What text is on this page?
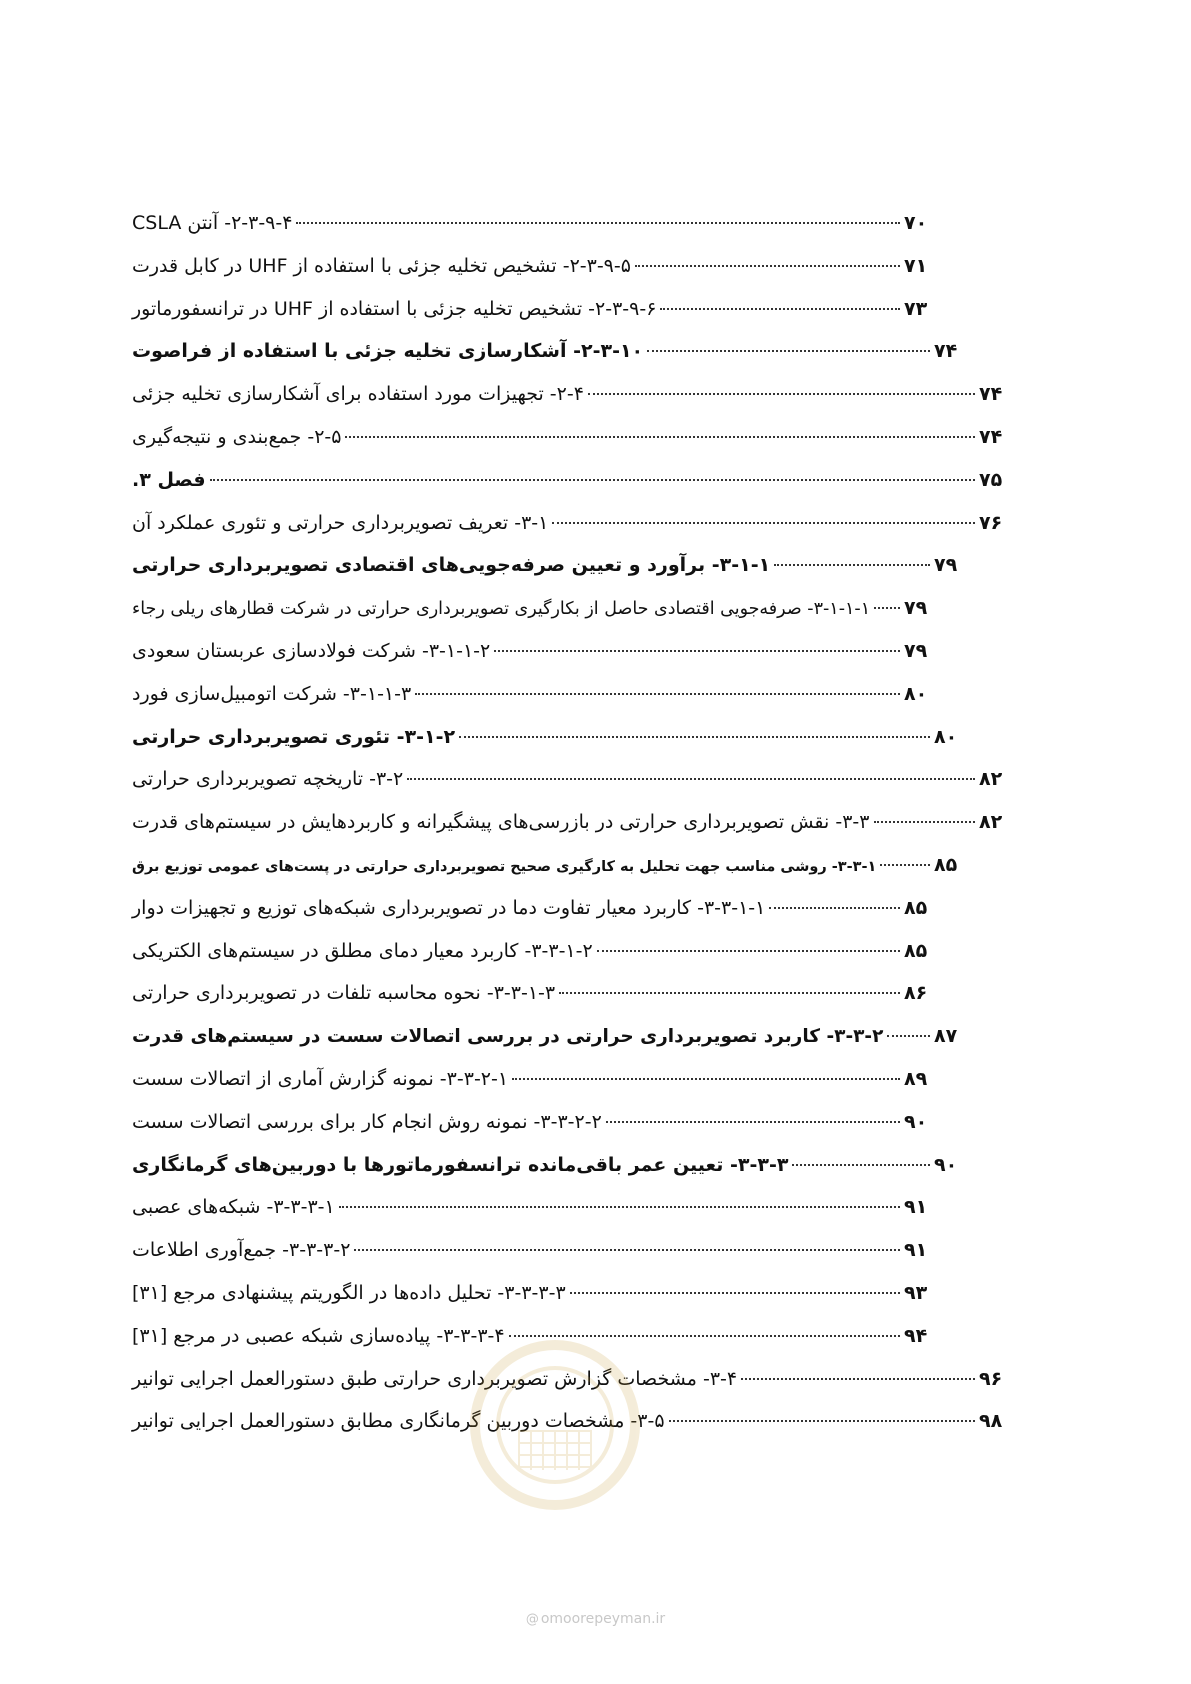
۲-۳-۹-۴- آنتن CSLA	۷۰
۲-۳-۹-۵- تشخیص تخلیه جزئی با استفاده از UHF در کابل قدرت	۷۱
۲-۳-۹-۶- تشخیص تخلیه جزئی با استفاده از UHF در ترانسفورماتور	۷۳
۲-۳-۱۰- آشکارسازی تخلیه جزئی با استفاده از فراصوت	۷۴
۲-۴- تجهیزات مورد استفاده برای آشکارسازی تخلیه جزئی	۷۴
۲-۵- جمع‌بندی و نتیجه‌گیری	۷۴
فصل ۳.	۷۵
۳-۱- تعریف تصویربرداری حرارتی و تئوری عملکرد آن	۷۶
۳-۱-۱- برآورد و تعیین صرفه‌جویی‌های اقتصادی تصویربرداری حرارتی	۷۹
۳-۱-۱-۱- صرفه‌جویی اقتصادی حاصل از بکارگیری تصویربرداری حرارتی در شرکت قطارهای ریلی رجاء ۷۹
۳-۱-۱-۲- شرکت فولادسازی عربستان سعودی	۷۹
۳-۱-۱-۳- شرکت اتومبیل‌سازی فورد	۸۰
۳-۱-۲- تئوری تصویربرداری حرارتی	۸۰
۳-۲- تاریخچه تصویربرداری حرارتی	۸۲
۳-۳- نقش تصویربرداری حرارتی در بازرسی‌های پیشگیرانه و کاربردهایش در سیستم‌های قدرت	۸۲
۳-۳-۱- روشی مناسب جهت تحلیل به کارگیری صحیح تصویربرداری حرارتی در پست‌های عمومی توزیع برق	۸۵
۳-۳-۱-۱- کاربرد معیار تفاوت دما در تصویربرداری شبکه‌های توزیع و تجهیزات دوار	۸۵
۳-۳-۱-۲- کاربرد معیار دمای مطلق در سیستم‌های الکتریکی	۸۵
۳-۳-۱-۳- نحوه محاسبه تلفات در تصویربرداری حرارتی	۸۶
۳-۳-۲- کاربرد تصویربرداری حرارتی در بررسی اتصالات سست در سیستم‌های قدرت	۸۷
۳-۳-۲-۱- نمونه گزارش آماری از اتصالات سست	۸۹
۳-۳-۲-۲- نمونه روش انجام کار برای بررسی اتصالات سست	۹۰
۳-۳-۳- تعیین عمر باقی‌مانده ترانسفورماتورها با دوربین‌های گرمانگاری	۹۰
۳-۳-۳-۱- شبکه‌های عصبی	۹۱
۳-۳-۳-۲- جمع‌آوری اطلاعات	۹۱
۳-۳-۳-۳- تحلیل داده‌ها در الگوریتم پیشنهادی مرجع [۳۱]	۹۳
۳-۳-۳-۴- پیاده‌سازی شبکه عصبی در مرجع [۳۱]	۹۴
۳-۴- مشخصات گزارش تصویربرداری حرارتی طبق دستورالعمل اجرایی توانیر	۹۶
۳-۵- مشخصات دوربین گرمانگاری مطابق دستورالعمل اجرایی توانیر	۹۸
@ omoorepeyman.ir
